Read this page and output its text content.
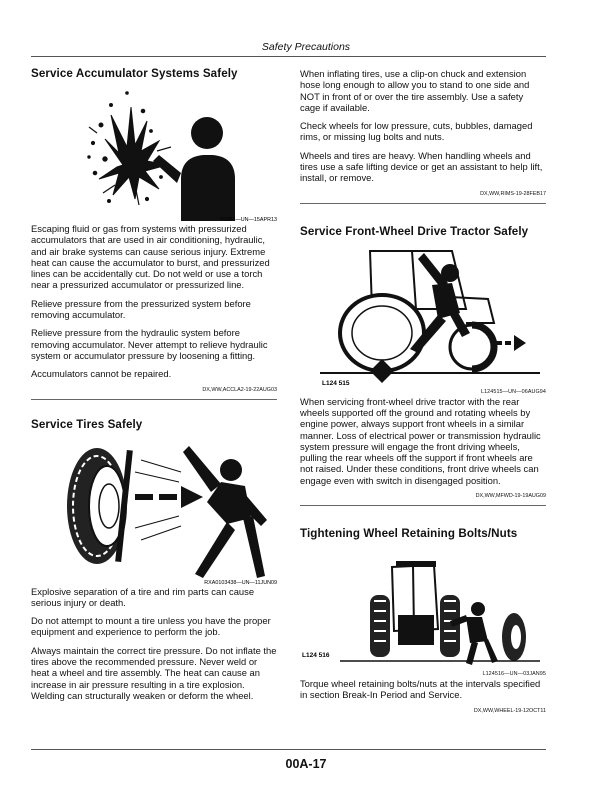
Safety Precautions
Service Accumulator Systems Safely
TS281—UN—15APR13

Escaping fluid or gas from systems with pressurized accumulators that are used in air conditioning, hydraulic, and air brake systems can cause serious injury. Extreme heat can cause the accumulator to burst, and pressurized lines can be accidentally cut. Do not weld or use a torch near a pressurized accumulator or pressurized line.

Relieve pressure from the pressurized system before removing accumulator.

Relieve pressure from the hydraulic system before removing accumulator. Never attempt to relieve hydraulic system or accumulator pressure by loosening a fitting.

Accumulators cannot be repaired.

DX,WW,ACCLA2-19-22AUG03
Service Tires Safely
RXA0103438—UN—11JUN09

Explosive separation of a tire and rim parts can cause serious injury or death.

Do not attempt to mount a tire unless you have the proper equipment and experience to perform the job.

Always maintain the correct tire pressure. Do not inflate the tires above the recommended pressure. Never weld or heat a wheel and tire assembly. The heat can cause an increase in air pressure resulting in a tire explosion. Welding can structurally weaken or deform the wheel.

When inflating tires, use a clip-on chuck and extension hose long enough to allow you to stand to one side and NOT in front of or over the tire assembly. Use a safety cage if available.

Check wheels for low pressure, cuts, bubbles, damaged rims, or missing lug bolts and nuts.

Wheels and tires are heavy. When handling wheels and tires use a safe lifting device or get an assistant to help lift, install, or remove.

DX,WW,RIMS-19-28FEB17
Service Front-Wheel Drive Tractor Safely
L124 515
L124515—UN—06AUG94

When servicing front-wheel drive tractor with the rear wheels supported off the ground and rotating wheels by engine power, always support front wheels in a similar manner. Loss of electrical power or transmission hydraulic system pressure will engage the front driving wheels, pulling the rear wheels off the support if front wheels are not raised. Under these conditions, front drive wheels can engage even with switch in disengaged position.

DX,WW,MFWD-19-19AUG09
Tightening Wheel Retaining Bolts/Nuts
L124 516
L124516—UN—03JAN95

Torque wheel retaining bolts/nuts at the intervals specified in section Break-In Period and Service.

DX,WW,WHEEL-19-12OCT11
00A-17
